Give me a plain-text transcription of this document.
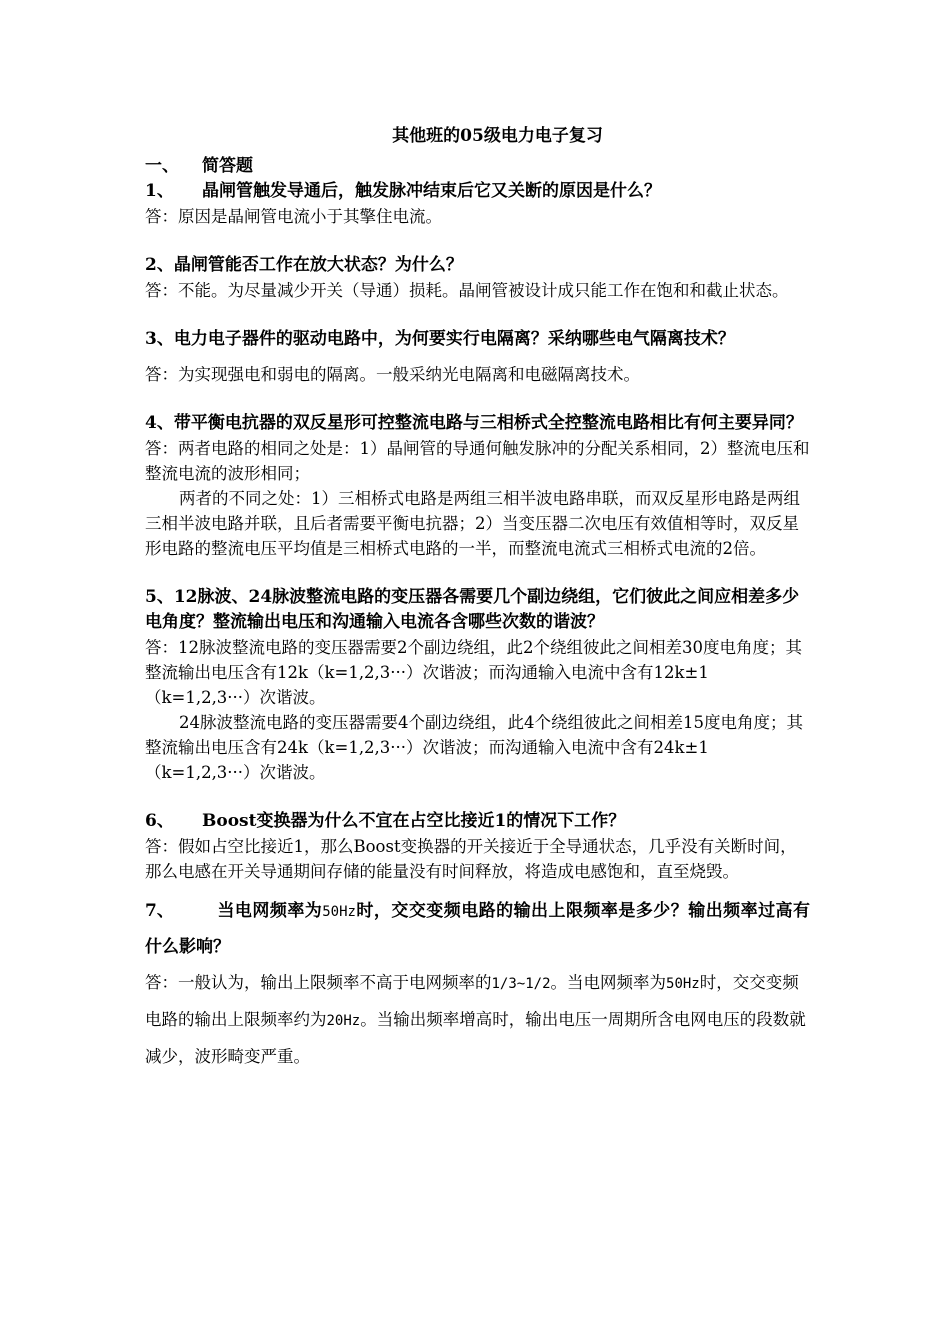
其他班的05级电力电子复习

一、 简答题

1、 晶闸管触发导通后，触发脉冲结束后它又关断的原因是什么？

答：原因是晶闸管电流小于其擎住电流。

2、晶闸管能否工作在放大状态？为什么？

答：不能。为尽量减少开关（导通）损耗。晶闸管被设计成只能工作在饱和和截止状态。

3、电力电子器件的驱动电路中，为何要实行电隔离？采纳哪些电气隔离技术？

答：为实现强电和弱电的隔离。一般采纳光电隔离和电磁隔离技术。

4、带平衡电抗器的双反星形可控整流电路与三相桥式全控整流电路相比有何主要异同？

答：两者电路的相同之处是：1）晶闸管的导通何触发脉冲的分配关系相同，2）整流电压和整流电流的波形相同；

两者的不同之处：1）三相桥式电路是两组三相半波电路串联，而双反星形电路是两组三相半波电路并联，且后者需要平衡电抗器；2）当变压器二次电压有效值相等时，双反星形电路的整流电压平均值是三相桥式电路的一半，而整流电流式三相桥式电流的2倍。

5、12脉波、24脉波整流电路的变压器各需要几个副边绕组，它们彼此之间应相差多少电角度？整流输出电压和沟通输入电流各含哪些次数的谐波？

答：12脉波整流电路的变压器需要2个副边绕组，此2个绕组彼此之间相差30度电角度；其整流输出电压含有12k（k=1,2,3···）次谐波；而沟通输入电流中含有12k±1（k=1,2,3···）次谐波。

24脉波整流电路的变压器需要4个副边绕组，此4个绕组彼此之间相差15度电角度；其整流输出电压含有24k（k=1,2,3···）次谐波；而沟通输入电流中含有24k±1（k=1,2,3···）次谐波。

6、 Boost变换器为什么不宜在占空比接近1的情况下工作？

答：假如占空比接近1，那么Boost变换器的开关接近于全导通状态，几乎没有关断时间，那么电感在开关导通期间存储的能量没有时间释放，将造成电感饱和，直至烧毁。

7、	当电网频率为50Hz时，交交变频电路的输出上限频率是多少？输出频率过高有什么影响？

答：一般认为，输出上限频率不高于电网频率的1/3~1/2。当电网频率为50Hz时，交交变频电路的输出上限频率约为20Hz。当输出频率增高时，输出电压一周期所含电网电压的段数就减少，波形畸变严重。
